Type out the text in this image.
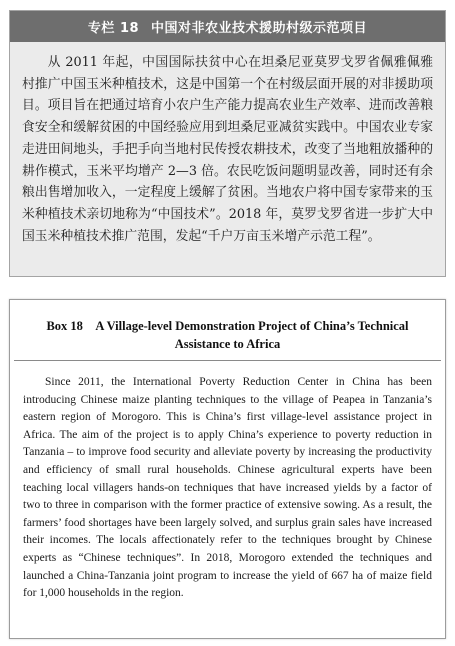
专栏 18 中国对非农业技术援助村级示范项目

从 2011 年起，中国国际扶贫中心在坦桑尼亚莫罗戈罗省佩雅佩雅村推广中国玉米种植技术，这是中国第一个在村级层面开展的对非援助项目。项目旨在把通过培育小农户生产能力提高农业生产效率、进而改善粮食安全和缓解贫困的中国经验应用到坦桑尼亚减贫实践中。中国农业专家走进田间地头，手把手向当地村民传授农耕技术，改变了当地粗放播种的耕作模式，玉米平均增产 2—3 倍。农民吃饭问题明显改善，同时还有余粮出售增加收入，一定程度上缓解了贫困。当地农户将中国专家带来的玉米种植技术亲切地称为“中国技术”。2018 年，莫罗戈罗省进一步扩大中国玉米种植技术推广范围，发起“千户万亩玉米增产示范工程”。

Box 18 A Village-level Demonstration Project of China’s Technical Assistance to Africa

Since 2011, the International Poverty Reduction Center in China has been introducing Chinese maize planting techniques to the village of Peapea in Tanzania’s eastern region of Morogoro. This is China’s first village-level assistance project in Africa. The aim of the project is to apply China’s experience to poverty reduction in Tanzania – to improve food security and alleviate poverty by increasing the productivity and efficiency of small rural households. Chinese agricultural experts have been teaching local villagers hands-on techniques that have increased yields by a factor of two to three in comparison with the former practice of extensive sowing. As a result, the farmers’ food shortages have been largely solved, and surplus grain sales have increased their incomes. The locals affectionately refer to the techniques brought by Chinese experts as “Chinese techniques”. In 2018, Morogoro extended the techniques and launched a China-Tanzania joint program to increase the yield of 667 ha of maize field for 1,000 households in the region.
